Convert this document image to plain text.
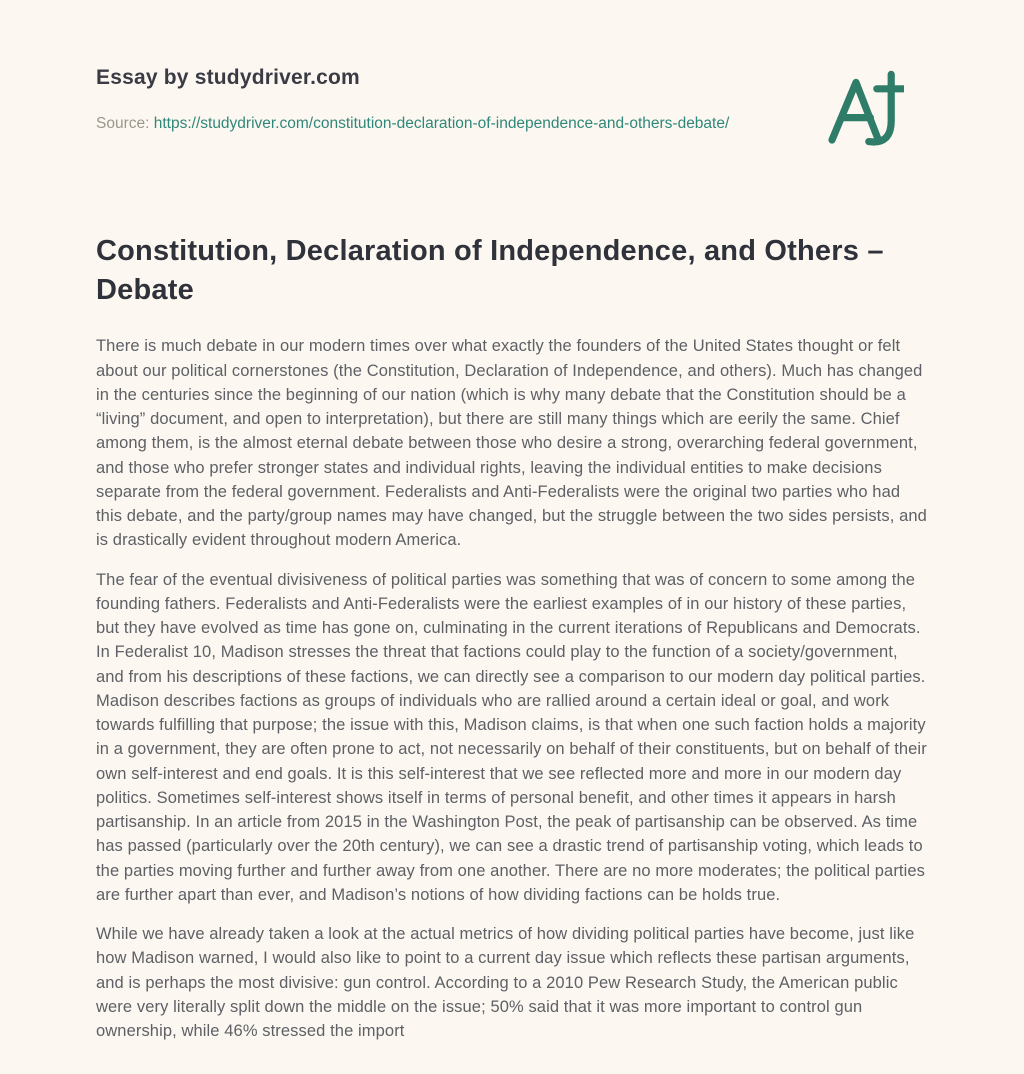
Essay by studydriver.com
Source: https://studydriver.com/constitution-declaration-of-independence-and-others-debate/
Constitution, Declaration of Independence, and Others – Debate

There is much debate in our modern times over what exactly the founders of the United States thought or felt about our political cornerstones (the Constitution, Declaration of Independence, and others). Much has changed in the centuries since the beginning of our nation (which is why many debate that the Constitution should be a “living” document, and open to interpretation), but there are still many things which are eerily the same. Chief among them, is the almost eternal debate between those who desire a strong, overarching federal government, and those who prefer stronger states and individual rights, leaving the individual entities to make decisions separate from the federal government. Federalists and Anti-Federalists were the original two parties who had this debate, and the party/group names may have changed, but the struggle between the two sides persists, and is drastically evident throughout modern America.

The fear of the eventual divisiveness of political parties was something that was of concern to some among the founding fathers. Federalists and Anti-Federalists were the earliest examples of in our history of these parties, but they have evolved as time has gone on, culminating in the current iterations of Republicans and Democrats. In Federalist 10, Madison stresses the threat that factions could play to the function of a society/government, and from his descriptions of these factions, we can directly see a comparison to our modern day political parties. Madison describes factions as groups of individuals who are rallied around a certain ideal or goal, and work towards fulfilling that purpose; the issue with this, Madison claims, is that when one such faction holds a majority in a government, they are often prone to act, not necessarily on behalf of their constituents, but on behalf of their own self-interest and end goals. It is this self-interest that we see reflected more and more in our modern day politics. Sometimes self-interest shows itself in terms of personal benefit, and other times it appears in harsh partisanship. In an article from 2015 in the Washington Post, the peak of partisanship can be observed. As time has passed (particularly over the 20th century), we can see a drastic trend of partisanship voting, which leads to the parties moving further and further away from one another. There are no more moderates; the political parties are further apart than ever, and Madison’s notions of how dividing factions can be holds true.

While we have already taken a look at the actual metrics of how dividing political parties have become, just like how Madison warned, I would also like to point to a current day issue which reflects these partisan arguments, and is perhaps the most divisive: gun control. According to a 2010 Pew Research Study, the American public were very literally split down the middle on the issue; 50% said that it was more important to control gun ownership, while 46% stressed the import
